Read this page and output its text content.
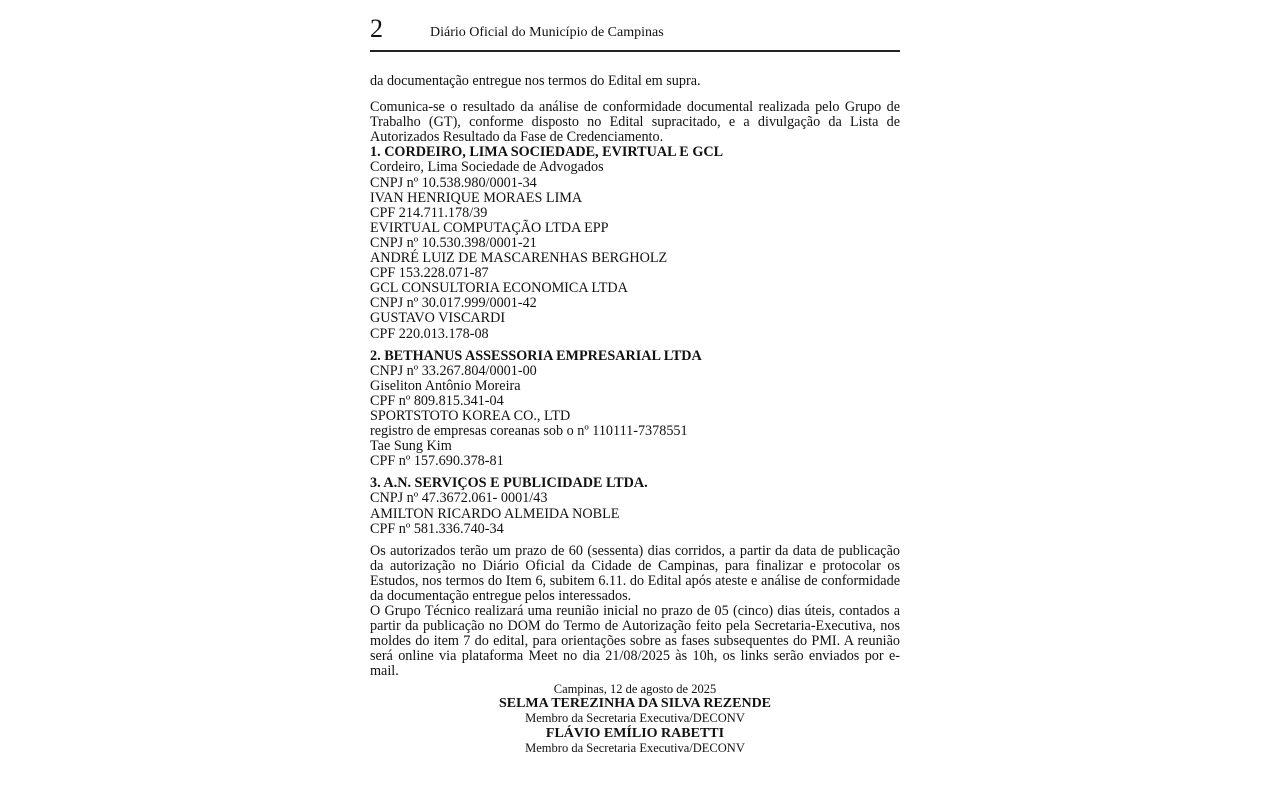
2	Diário Oficial do Município de Campinas

da documentação entregue nos termos do Edital em supra.

Comunica-se o resultado da análise de conformidade documental realizada pelo Grupo de Trabalho (GT), conforme disposto no Edital supracitado, e a divulgação da Lista de Autorizados Resultado da Fase de Credenciamento.

1. CORDEIRO, LIMA SOCIEDADE, EVIRTUAL E GCL

Cordeiro, Lima Sociedade de Advogados

CNPJ nº 10.538.980/0001-34

IVAN HENRIQUE MORAES LIMA

CPF 214.711.178/39

EVIRTUAL COMPUTAÇÃO LTDA EPP

CNPJ nº 10.530.398/0001-21

ANDRÉ LUIZ DE MASCARENHAS BERGHOLZ

CPF 153.228.071-87

GCL CONSULTORIA ECONOMICA LTDA

CNPJ nº 30.017.999/0001-42

GUSTAVO VISCARDI

CPF 220.013.178-08

2. BETHANUS ASSESSORIA EMPRESARIAL LTDA

CNPJ nº 33.267.804/0001-00

Giseliton Antônio Moreira

CPF nº 809.815.341-04

SPORTSTOTO KOREA CO., LTD

registro de empresas coreanas sob o nº 110111-7378551

Tae Sung Kim

CPF nº 157.690.378-81

3. A.N. SERVIÇOS E PUBLICIDADE LTDA.

CNPJ nº 47.3672.061- 0001/43

AMILTON RICARDO ALMEIDA NOBLE

CPF nº 581.336.740-34

Os autorizados terão um prazo de 60 (sessenta) dias corridos, a partir da data de publicação da autorização no Diário Oficial da Cidade de Campinas, para finalizar e protocolar os Estudos, nos termos do Item 6, subitem 6.11. do Edital após ateste e análise de conformidade da documentação entregue pelos interessados.

O Grupo Técnico realizará uma reunião inicial no prazo de 05 (cinco) dias úteis, contados a partir da publicação no DOM do Termo de Autorização feito pela Secretaria-Executiva, nos moldes do item 7 do edital, para orientações sobre as fases subsequentes do PMI. A reunião será online via plataforma Meet no dia 21/08/2025 às 10h, os links serão enviados por e-mail.

Campinas, 12 de agosto de 2025

SELMA TEREZINHA DA SILVA REZENDE

Membro da Secretaria Executiva/DECONV

FLÁVIO EMÍLIO RABETTI

Membro da Secretaria Executiva/DECONV
